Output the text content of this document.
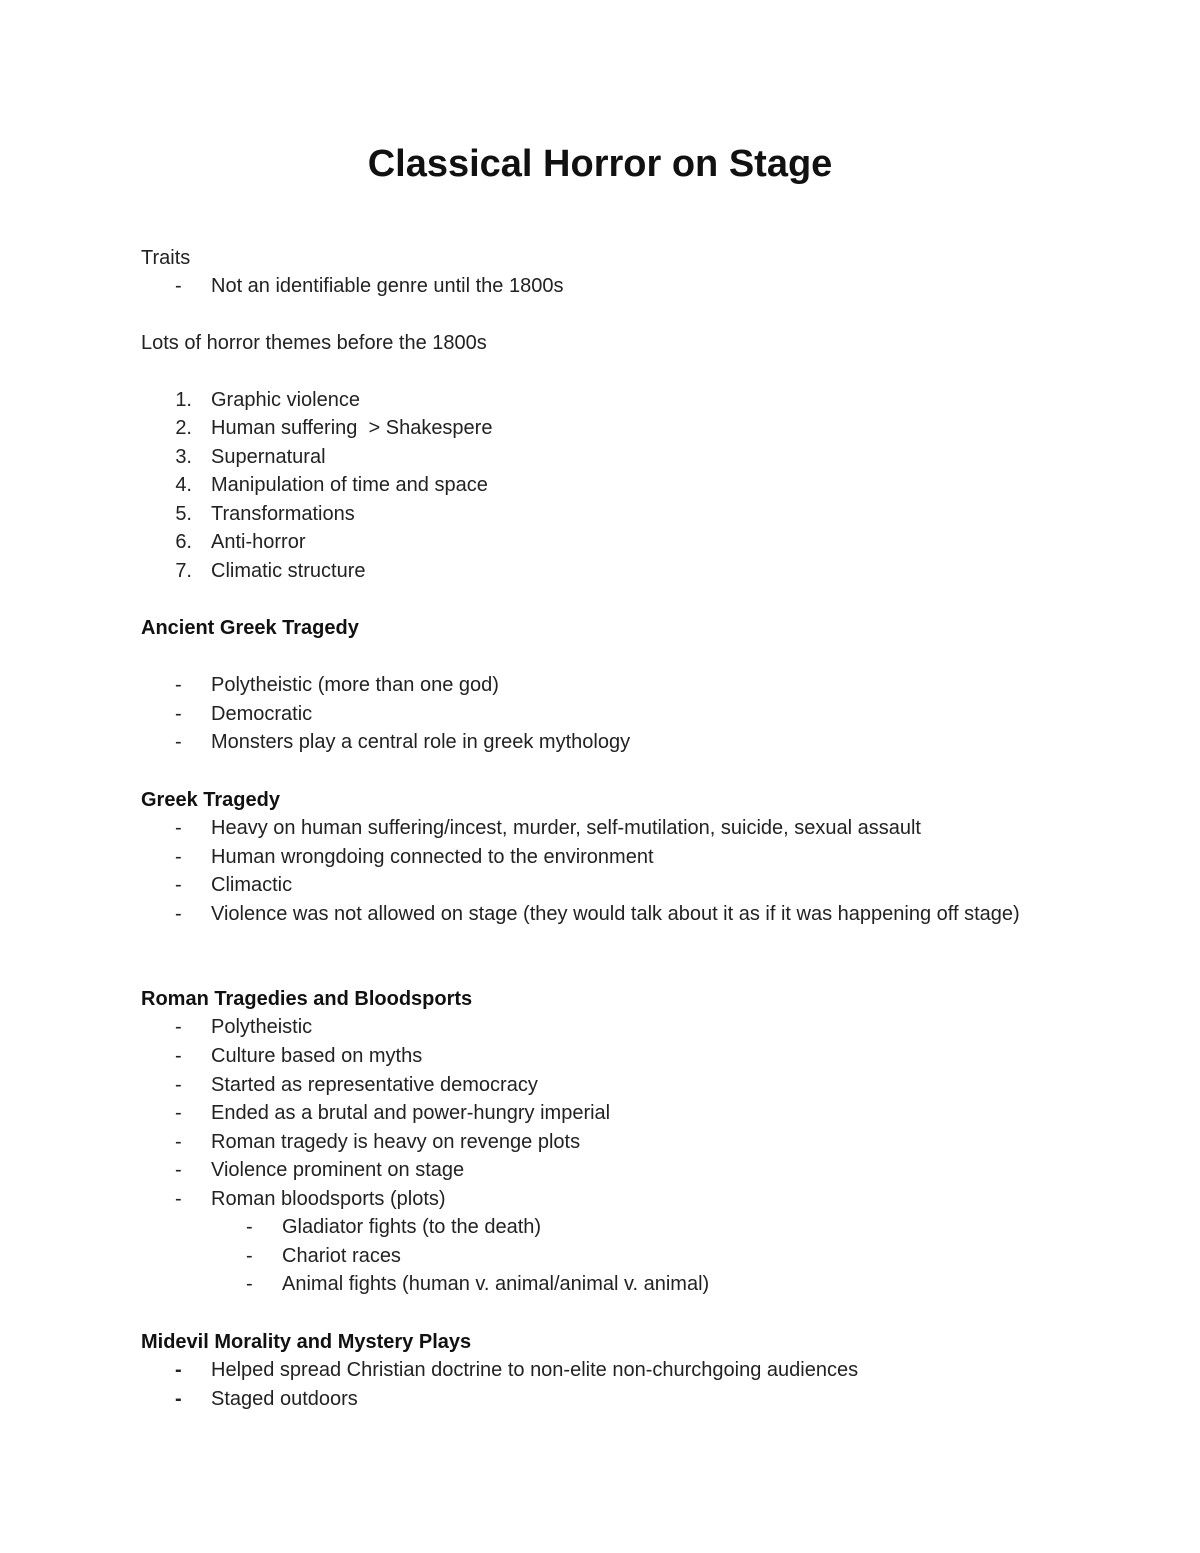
Classical Horror on Stage
Traits
- Not an identifiable genre until the 1800s
Lots of horror themes before the 1800s
1. Graphic violence
2. Human suffering  > Shakespere
3. Supernatural
4. Manipulation of time and space
5. Transformations
6. Anti-horror
7. Climatic structure
Ancient Greek Tragedy
- Polytheistic (more than one god)
- Democratic
- Monsters play a central role in greek mythology
Greek Tragedy
- Heavy on human suffering/incest, murder, self-mutilation, suicide, sexual assault
- Human wrongdoing connected to the environment
- Climactic
- Violence was not allowed on stage (they would talk about it as if it was happening off stage)
Roman Tragedies and Bloodsports
- Polytheistic
- Culture based on myths
- Started as representative democracy
- Ended as a brutal and power-hungry imperial
- Roman tragedy is heavy on revenge plots
- Violence prominent on stage
- Roman bloodsports (plots)
- Gladiator fights (to the death)
- Chariot races
- Animal fights (human v. animal/animal v. animal)
Midevil Morality and Mystery Plays
- Helped spread Christian doctrine to non-elite non-churchgoing audiences
- Staged outdoors
